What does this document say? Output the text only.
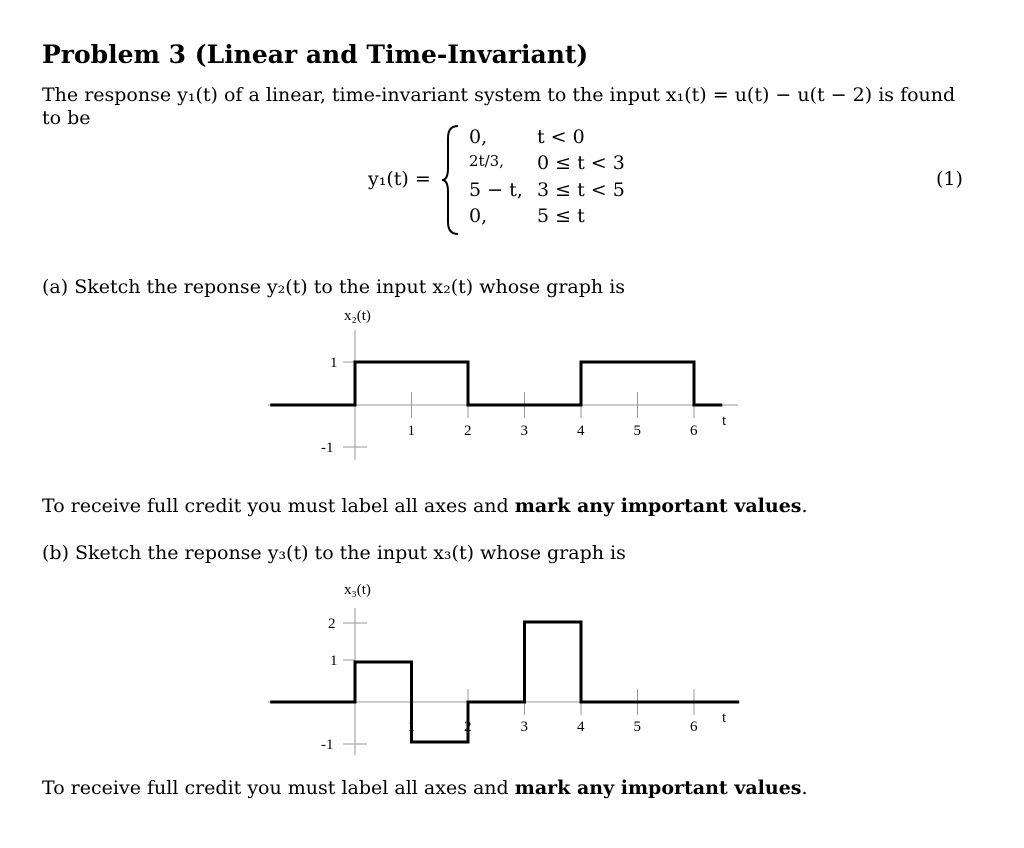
Problem 3 (Linear and Time-Invariant)
The response y₁(t) of a linear, time-invariant system to the input x₁(t) = u(t) − u(t − 2) is found
to be
y₁(t) =
0,	t < 0
2t/3, 0 ≤ t < 3
5 − t, 3 ≤ t < 5
0,	5 ≤ t
(1)
(a) Sketch the reponse y₂(t) to the input x₂(t) whose graph is
x₂(t)
1
-1
1	2	3	4	5	6
t
To receive full credit you must label all axes and mark any important values.
(b) Sketch the reponse y₃(t) to the input x₃(t) whose graph is
x₃(t)
2
1
-1
1	2	3	4	5	6
t
To receive full credit you must label all axes and mark any important values.
